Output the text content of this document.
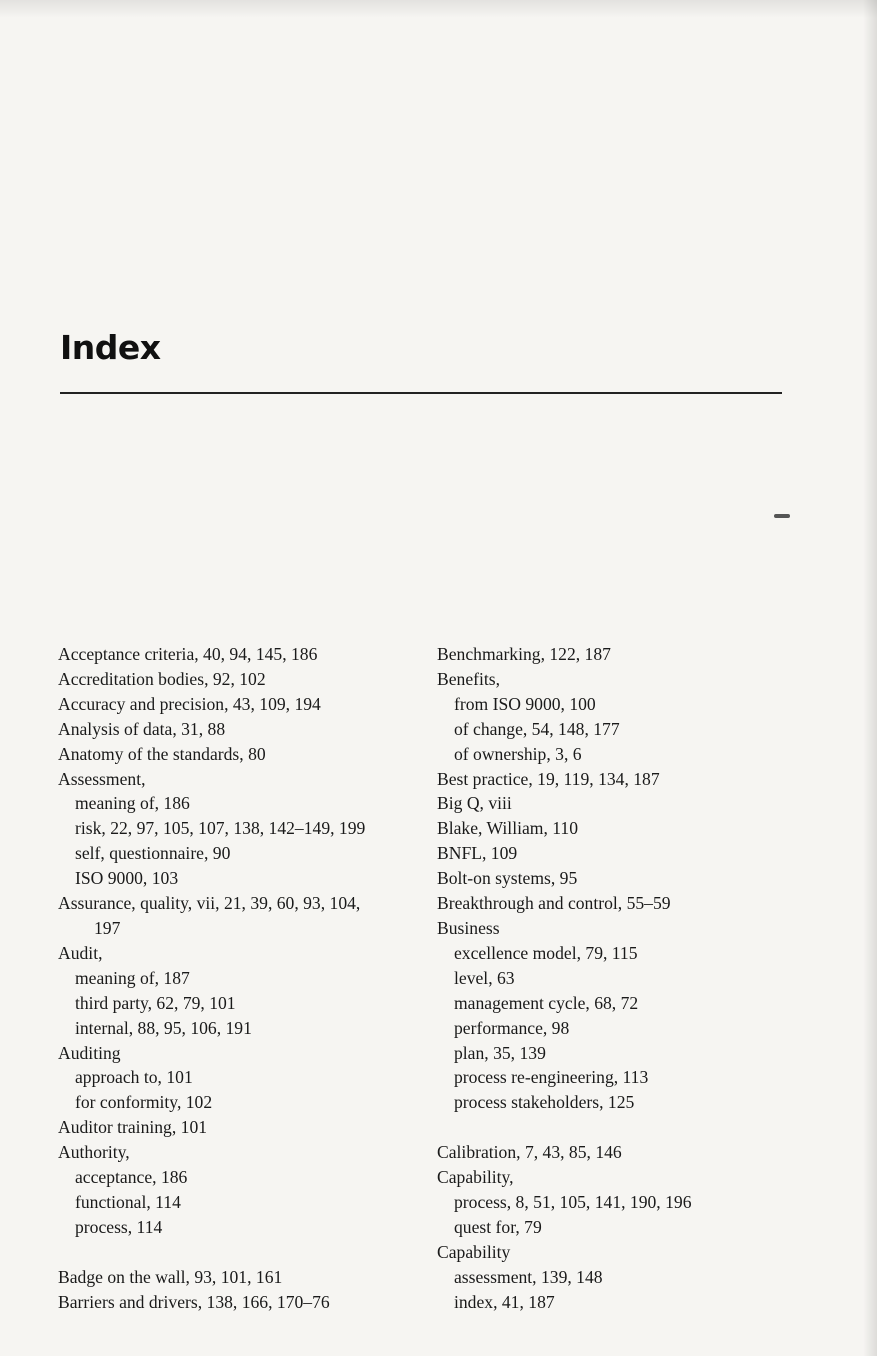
Index
Acceptance criteria, 40, 94, 145, 186
Accreditation bodies, 92, 102
Accuracy and precision, 43, 109, 194
Analysis of data, 31, 88
Anatomy of the standards, 80
Assessment,
meaning of, 186
risk, 22, 97, 105, 107, 138, 142–149, 199
self, questionnaire, 90
ISO 9000, 103
Assurance, quality, vii, 21, 39, 60, 93, 104,
197
Audit,
meaning of, 187
third party, 62, 79, 101
internal, 88, 95, 106, 191
Auditing
approach to, 101
for conformity, 102
Auditor training, 101
Authority,
acceptance, 186
functional, 114
process, 114
Badge on the wall, 93, 101, 161
Barriers and drivers, 138, 166, 170–76
Benchmarking, 122, 187
Benefits,
from ISO 9000, 100
of change, 54, 148, 177
of ownership, 3, 6
Best practice, 19, 119, 134, 187
Big Q, viii
Blake, William, 110
BNFL, 109
Bolt-on systems, 95
Breakthrough and control, 55–59
Business
excellence model, 79, 115
level, 63
management cycle, 68, 72
performance, 98
plan, 35, 139
process re-engineering, 113
process stakeholders, 125
Calibration, 7, 43, 85, 146
Capability,
process, 8, 51, 105, 141, 190, 196
quest for, 79
Capability
assessment, 139, 148
index, 41, 187
